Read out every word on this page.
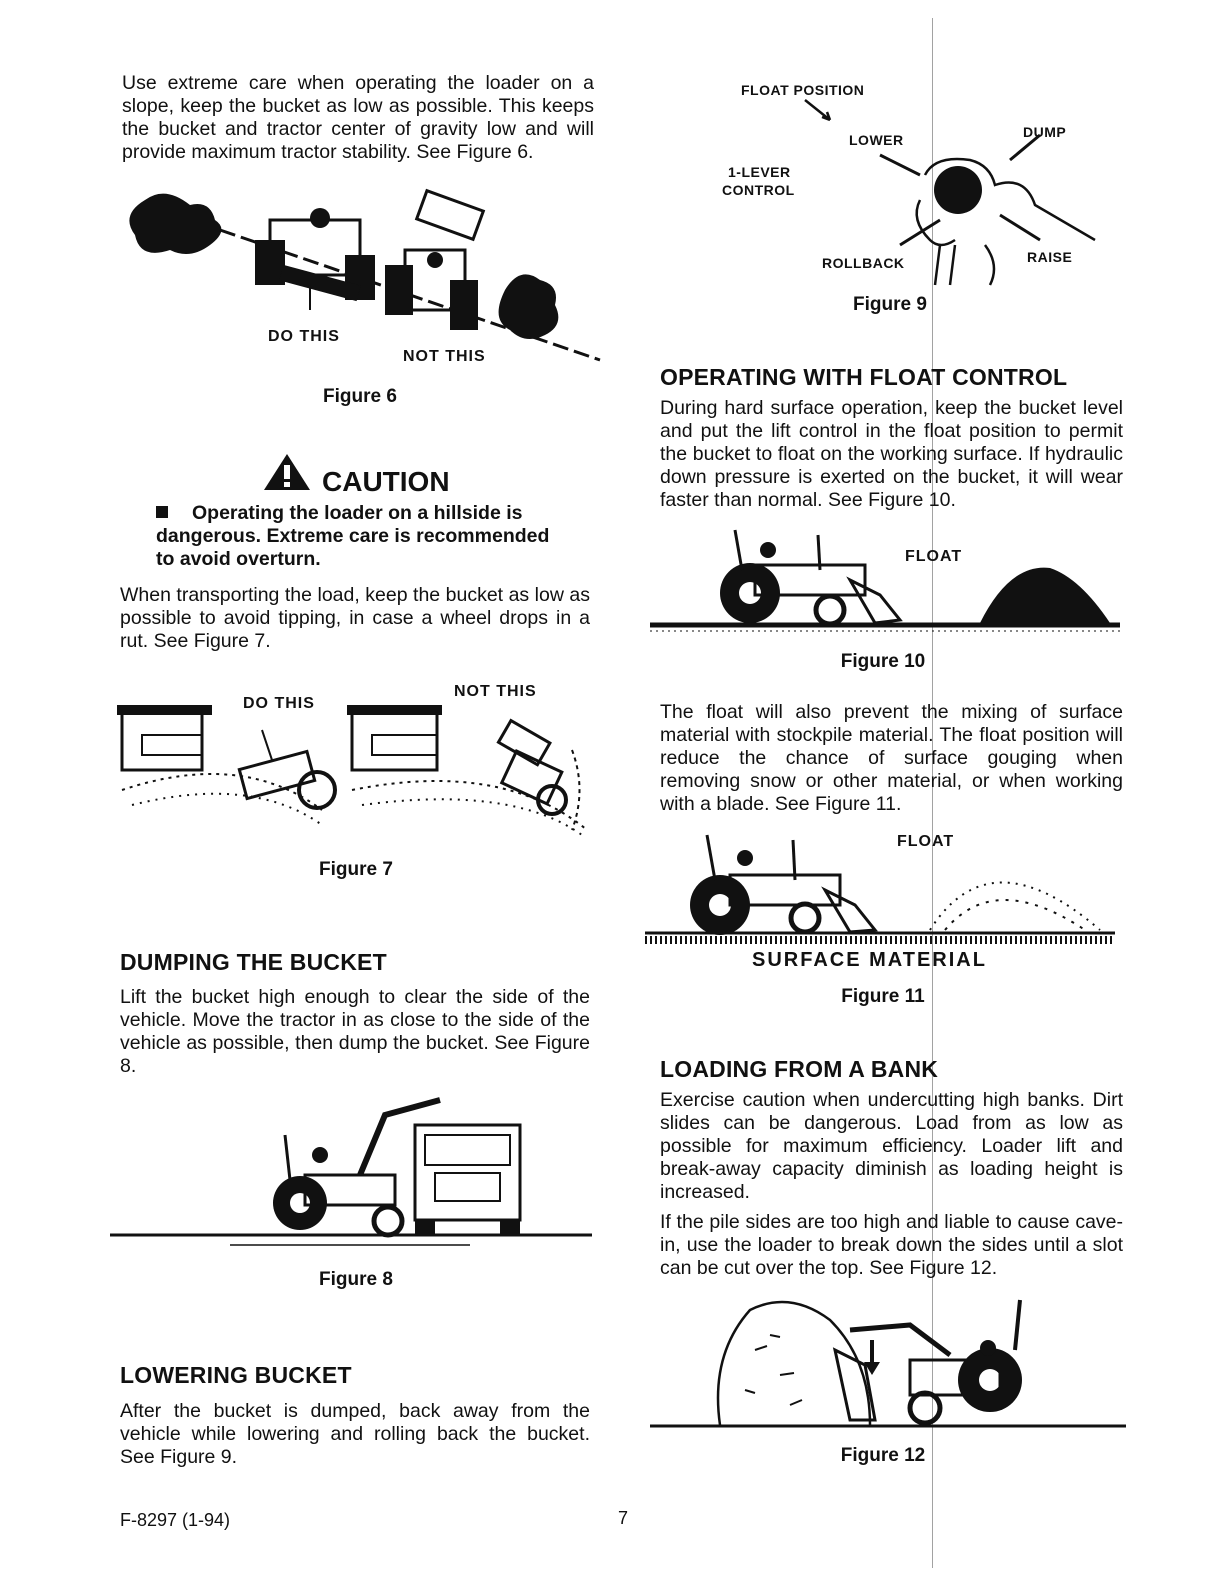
Use extreme care when operating the loader on a slope, keep the bucket as low as possible. This keeps the bucket and tractor center of gravity low and will provide maximum tractor stability. See Figure 6.

DO THIS
NOT THIS
Figure 6
CAUTION
Operating the loader on a hillside is dangerous. Extreme care is recommended to avoid overturn.

When transporting the load, keep the bucket as low as possible to avoid tipping, in case a wheel drops in a rut. See Figure 7.

DO THIS
NOT THIS
Figure 7
DUMPING THE BUCKET

Lift the bucket high enough to clear the side of the vehicle. Move the tractor in as close to the side of the vehicle as possible, then dump the bucket. See Figure 8.

Figure 8
LOWERING BUCKET

After the bucket is dumped, back away from the vehicle while lowering and rolling back the bucket. See Figure 9.

FLOAT POSITION
LOWER	DUMP
1-LEVER
CONTROL
ROLLBACK	RAISE
Figure 9
OPERATING WITH FLOAT CONTROL

During hard surface operation, keep the bucket level and put the lift control in the float position to permit the bucket to float on the working surface. If hydraulic down pressure is exerted on the bucket, it will wear faster than normal. See Figure 10.

FLOAT
Figure 10

The float will also prevent the mixing of surface material with stockpile material. The float position will reduce the chance of surface gouging when removing snow or other material, or when working with a blade. See Figure 11.

FLOAT
SURFACE MATERIAL
Figure 11
LOADING FROM A BANK

Exercise caution when undercutting high banks. Dirt slides can be dangerous. Load from as low as possible for maximum efficiency. Loader lift and break-away capacity diminish as loading height is increased.

If the pile sides are too high and liable to cause cave-in, use the loader to break down the sides until a slot can be cut over the top. See Figure 12.

Figure 12
F-8297 (1-94)	7
